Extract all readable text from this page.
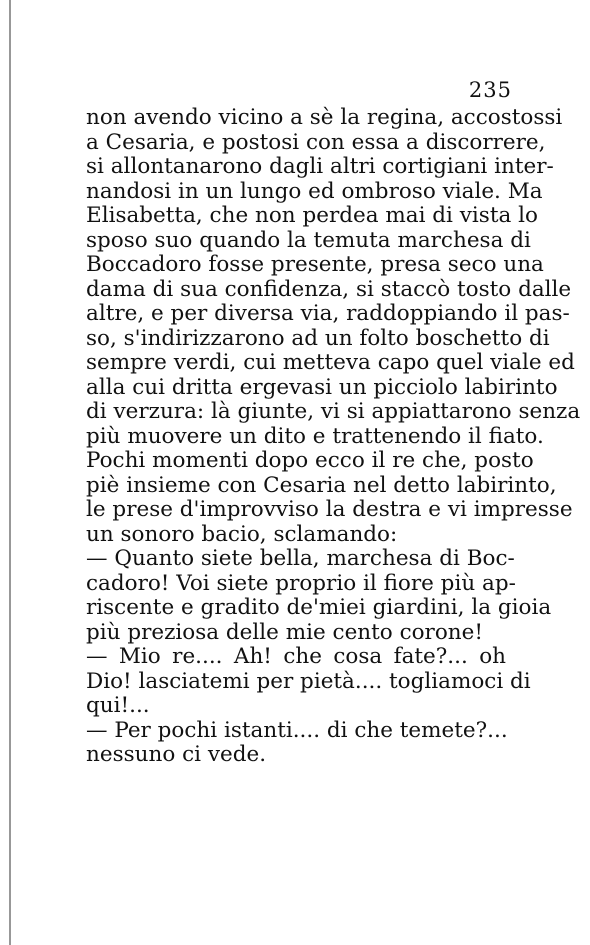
235
non avendo vicino a sè la regina, accostossi
a Cesaria, e postosi con essa a discorrere,
si allontanarono dagli altri cortigiani inter-
nandosi in un lungo ed ombroso viale. Ma
Elisabetta, che non perdea mai di vista lo
sposo suo quando la temuta marchesa di
Boccadoro fosse presente, presa seco una
dama di sua confidenza, si staccò tosto dalle
altre, e per diversa via, raddoppiando il pas-
so, s'indirizzarono ad un folto boschetto di
sempre verdi, cui metteva capo quel viale ed
alla cui dritta ergevasi un picciolo labirinto
di verzura: là giunte, vi si appiattarono senza
più muovere un dito e trattenendo il fiato.
Pochi momenti dopo ecco il re che, posto
piè insieme con Cesaria nel detto labirinto,
le prese d'improvviso la destra e vi impresse
un sonoro bacio, sclamando:
— Quanto siete bella, marchesa di Boc-
cadoro! Voi siete proprio il fiore più ap-
riscente e gradito de'miei giardini, la gioia
più preziosa delle mie cento corone!
— Mio re.... Ah! che cosa fate?... oh
Dio! lasciatemi per pietà.... togliamoci di
qui!...
— Per pochi istanti.... di che temete?...
nessuno ci vede.
